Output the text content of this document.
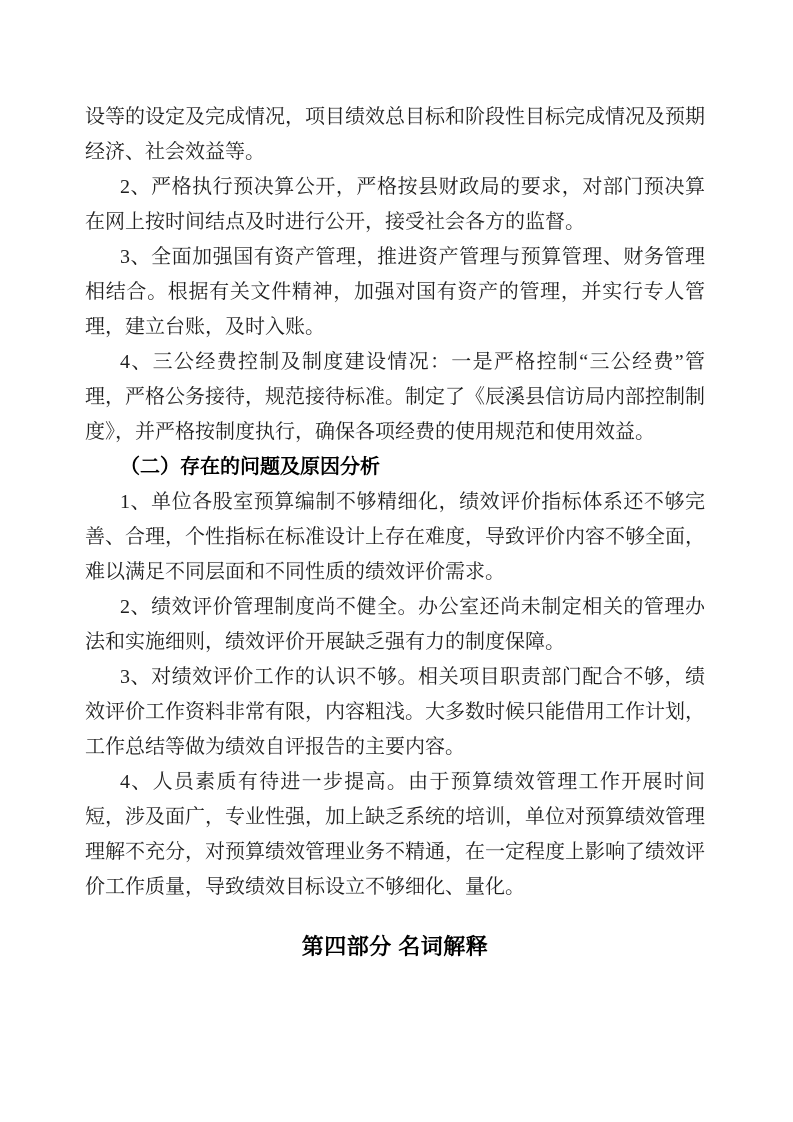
设等的设定及完成情况，项目绩效总目标和阶段性目标完成情况及预期经济、社会效益等。

2、严格执行预决算公开，严格按县财政局的要求，对部门预决算在网上按时间结点及时进行公开，接受社会各方的监督。

3、全面加强国有资产管理，推进资产管理与预算管理、财务管理相结合。根据有关文件精神，加强对国有资产的管理，并实行专人管理，建立台账，及时入账。

4、三公经费控制及制度建设情况：一是严格控制“三公经费”管理，严格公务接待，规范接待标准。制定了《辰溪县信访局内部控制制度》，并严格按制度执行，确保各项经费的使用规范和使用效益。

（二）存在的问题及原因分析

1、单位各股室预算编制不够精细化，绩效评价指标体系还不够完善、合理，个性指标在标准设计上存在难度，导致评价内容不够全面，难以满足不同层面和不同性质的绩效评价需求。

2、绩效评价管理制度尚不健全。办公室还尚未制定相关的管理办法和实施细则，绩效评价开展缺乏强有力的制度保障。

3、对绩效评价工作的认识不够。相关项目职责部门配合不够，绩效评价工作资料非常有限，内容粗浅。大多数时候只能借用工作计划，工作总结等做为绩效自评报告的主要内容。

4、人员素质有待进一步提高。由于预算绩效管理工作开展时间短，涉及面广，专业性强，加上缺乏系统的培训，单位对预算绩效管理理解不充分，对预算绩效管理业务不精通，在一定程度上影响了绩效评价工作质量，导致绩效目标设立不够细化、量化。

第四部分 名词解释
